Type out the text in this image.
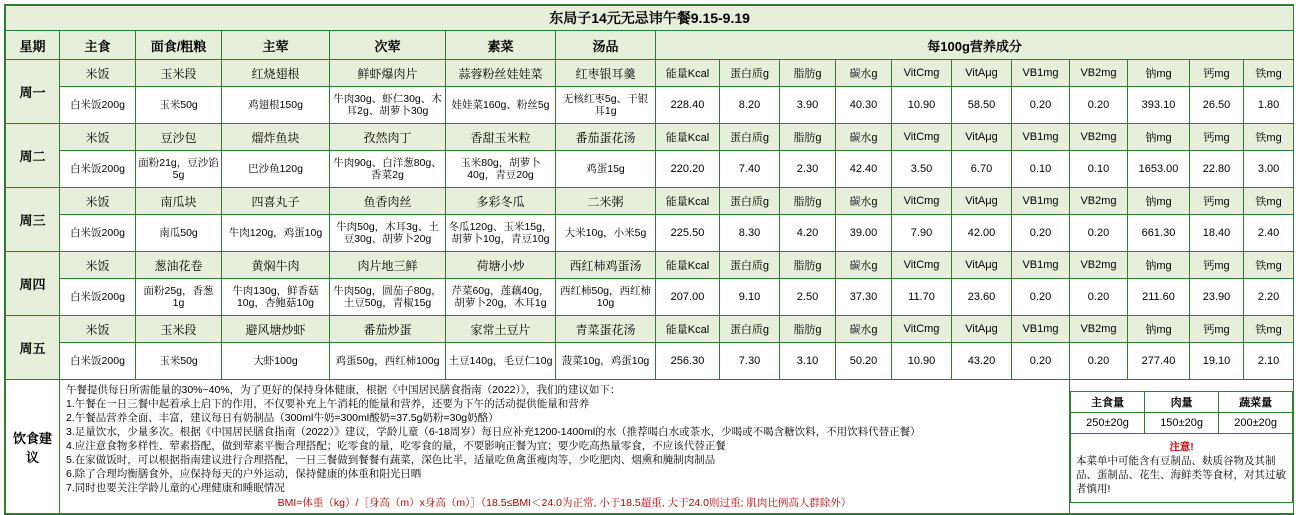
东局子14元无忌讳午餐9.15-9.19
星期	主食	面食/粗粮	主荤	次荤	素菜	汤品	每100g营养成分
周一	米饭	玉米段	红烧翅根	鲜虾爆肉片	蒜蓉粉丝娃娃菜	红枣银耳羹	能量Kcal	蛋白质g	脂肪g	碳水g	VitCmg	VitAμg	VB1mg	VB2mg	钠mg	钙mg	铁mg
白米饭200g	玉米50g	鸡翅根150g	牛肉30g、虾仁30g、木耳2g、胡萝卜30g	娃娃菜160g、粉丝5g	无核红枣5g、干银耳1g	228.40	8.20	3.90	40.30	10.90	58.50	0.20	0.20	393.10	26.50	1.80
周二	米饭	豆沙包	熘炸鱼块	孜然肉丁	香甜玉米粒	番茄蛋花汤	能量Kcal	蛋白质g	脂肪g	碳水g	VitCmg	VitAμg	VB1mg	VB2mg	钠mg	钙mg	铁mg
白米饭200g	面粉21g，豆沙馅5g	巴沙鱼120g	牛肉90g、白洋葱80g、香菜2g	玉米80g，胡萝卜40g，青豆20g	鸡蛋15g	220.20	7.40	2.30	42.40	3.50	6.70	0.10	0.10	1653.00	22.80	3.00
周三	米饭	南瓜块	四喜丸子	鱼香肉丝	多彩冬瓜	二米粥	能量Kcal	蛋白质g	脂肪g	碳水g	VitCmg	VitAμg	VB1mg	VB2mg	钠mg	钙mg	铁mg
白米饭200g	南瓜50g	牛肉120g，鸡蛋10g	牛肉50g，木耳3g、土豆30g、胡萝卜20g	冬瓜120g、玉米15g，胡萝卜10g，青豆10g	大米10g，小米5g	225.50	8.30	4.20	39.00	7.90	42.00	0.20	0.20	661.30	18.40	2.40
周四	米饭	葱油花卷	黄焖牛肉	肉片地三鲜	荷塘小炒	西红柿鸡蛋汤	能量Kcal	蛋白质g	脂肪g	碳水g	VitCmg	VitAμg	VB1mg	VB2mg	钠mg	钙mg	铁mg
白米饭200g	面粉25g，香葱1g	牛肉130g，鲜香菇10g，杏鲍菇10g	牛肉50g，圆茄子80g，土豆50g，青椒15g	芹菜60g，莲藕40g，胡萝卜20g，木耳1g	西红柿50g，西红柿10g	207.00	9.10	2.50	37.30	11.70	23.60	0.20	0.20	211.60	23.90	2.20
周五	米饭	玉米段	避风塘炒虾	番茄炒蛋	家常土豆片	青菜蛋花汤	能量Kcal	蛋白质g	脂肪g	碳水g	VitCmg	VitAμg	VB1mg	VB2mg	钠mg	钙mg	铁mg
白米饭200g	玉米50g	大虾100g	鸡蛋50g，西红柿100g	土豆140g，毛豆仁10g	菠菜10g，鸡蛋10g	256.30	7.30	3.10	50.20	10.90	43.20	0.20	0.20	277.40	19.10	2.10
饮食建议	
午餐提供每日所需能量的30%~40%，为了更好的保持身体健康，根据《中国居民膳食指南（2022）》，我们的建议如下：
1.午餐在一日三餐中起着承上启下的作用，不仅要补充上午消耗的能量和营养，还要为下午的活动提供能量和营养
2.午餐品营养全面、丰富，建议每日有奶制品（300ml牛奶=300ml酸奶=37.5g奶粉=30g奶酪）
3.足量饮水，少量多次。根据《中国居民膳食指南（2022）》建议，学龄儿童（6-18周岁）每日应补充1200-1400ml的水（推荐喝白水或茶水，少喝或不喝含糖饮料，不用饮料代替正餐）
4.应注意食物多样性、荤素搭配，做到荤素平衡合理搭配；吃零食的量，吃零食的量，不要影响正餐为宜；要少吃高热量零食，不应该代替正餐
5.在家做饭时，可以根据指南建议进行合理搭配，一日三餐做到餐餐有蔬菜，深色比半，适量吃鱼禽蛋瘦肉等，少吃肥肉、烟熏和腌制肉制品
6.除了合理均衡膳食外，应保持每天的户外运动，保持健康的体重和阳光日晒
7.同时也要关注学龄儿童的心理健康和睡眠情况
BMI=体重（kg）/［身高（m）x身高（m）］（18.5≤BMI＜24.0为正常, 小于18.5超重, 大于24.0则过重; 肌肉比例高人群除外）

主食量	肉量	蔬菜量
250±20g	150±20g	200±20g

注意!
本菜单中可能含有豆制品、麸质谷物及其制品、蛋制品、花生、海鲜类等食材，对其过敏者慎用!
